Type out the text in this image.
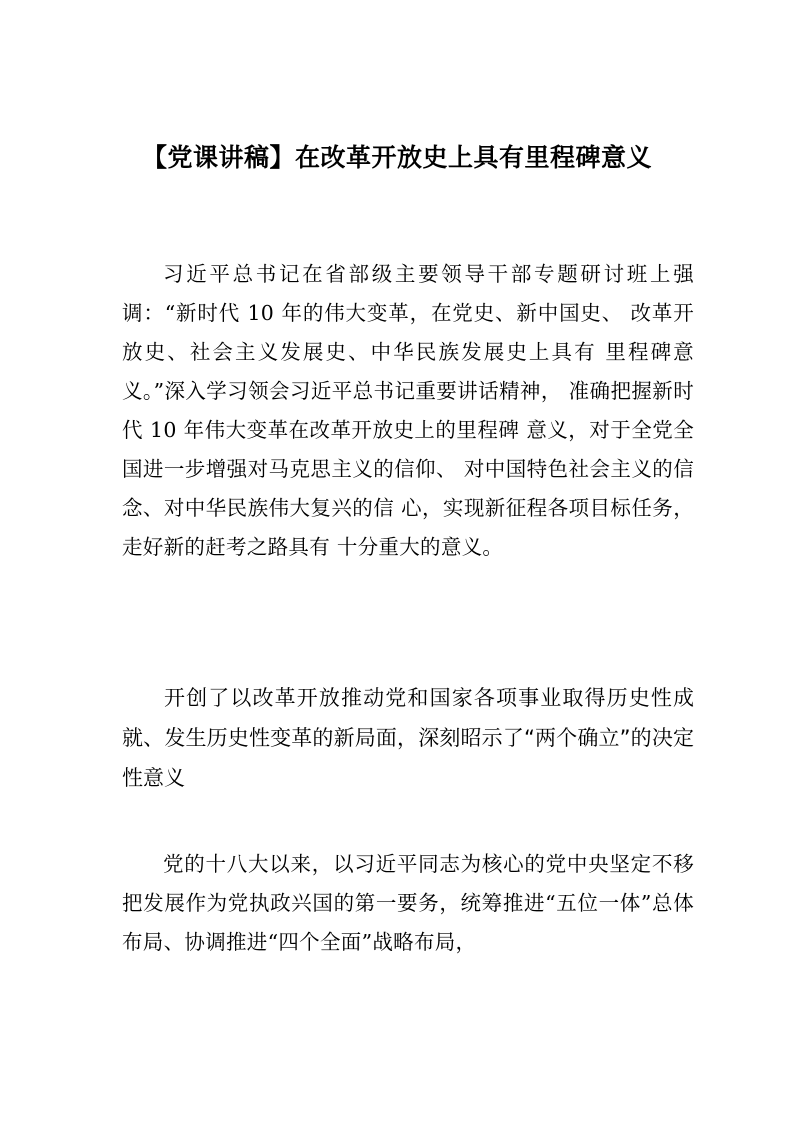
【党课讲稿】在改革开放史上具有里程碑意义

习近平总书记在省部级主要领导干部专题研讨班上强调：“新时代 10 年的伟大变革，在党史、新中国史、 改革开放史、社会主义发展史、中华民族发展史上具有 里程碑意义。”深入学习领会习近平总书记重要讲话精神， 准确把握新时代 10 年伟大变革在改革开放史上的里程碑 意义，对于全党全国进一步增强对马克思主义的信仰、 对中国特色社会主义的信念、对中华民族伟大复兴的信 心，实现新征程各项目标任务，走好新的赶考之路具有 十分重大的意义。

开创了以改革开放推动党和国家各项事业取得历史性成就、发生历史性变革的新局面，深刻昭示了“两个确立”的决定性意义

党的十八大以来，以习近平同志为核心的党中央坚定不移把发展作为党执政兴国的第一要务，统筹推进“五位一体”总体布局、协调推进“四个全面”战略布局，
